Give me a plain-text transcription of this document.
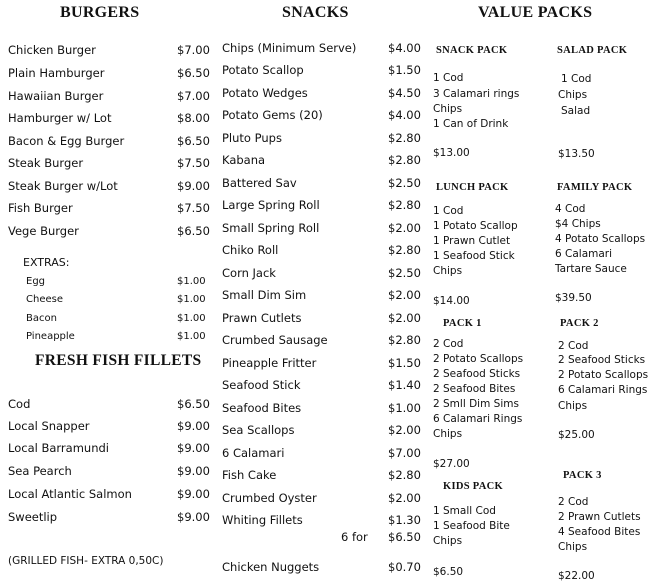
BURGERS
Chicken Burger	$7.00
Plain Hamburger	$6.50
Hawaiian Burger	$7.00
Hamburger w/ Lot	$8.00
Bacon & Egg Burger	$6.50
Steak Burger	$7.50
Steak Burger w/Lot	$9.00
Fish Burger	$7.50
Vege Burger	$6.50
EXTRAS:
Egg	$1.00
Cheese	$1.00
Bacon	$1.00
Pineapple	$1.00
FRESH FISH FILLETS
Cod	$6.50
Local Snapper	$9.00
Local Barramundi	$9.00
Sea Pearch	$9.00
Local Atlantic Salmon	$9.00
Sweetlip	$9.00
(GRILLED FISH- EXTRA 0,50C)
SNACKS
Chips (Minimum Serve)	$4.00
Potato Scallop	$1.50
Potato Wedges	$4.50
Potato Gems (20)	$4.00
Pluto Pups	$2.80
Kabana	$2.80
Battered Sav	$2.50
Large Spring Roll	$2.80
Small Spring Roll	$2.00
Chiko Roll	$2.80
Corn Jack	$2.50
Small Dim Sim	$2.00
Prawn Cutlets	$2.00
Crumbed Sausage	$2.80
Pineapple Fritter	$1.50
Seafood Stick	$1.40
Seafood Bites	$1.00
Sea Scallops	$2.00
6 Calamari	$7.00
Fish Cake	$2.80
Crumbed Oyster	$2.00
Whiting Fillets	$1.30
6 for $6.50
Chicken Nuggets	$0.70
VALUE PACKS
SNACK PACK
1 Cod
3 Calamari rings
Chips
1 Can of Drink
$13.00
SALAD PACK
1 Cod
Chips
Salad
$13.50
LUNCH PACK
1 Cod
1 Potato Scallop
1 Prawn Cutlet
1 Seafood Stick
Chips
$14.00
FAMILY PACK
4 Cod
$4 Chips
4 Potato Scallops
6 Calamari
Tartare Sauce
$39.50
PACK 1
2 Cod
2 Potato Scallops
2 Seafood Sticks
2 Seafood Bites
2 Smll Dim Sims
6 Calamari Rings
Chips
$27.00
PACK 2
2 Cod
2 Seafood Sticks
2 Potato Scallops
6 Calamari Rings
Chips
$25.00
KIDS PACK
1 Small Cod
1 Seafood Bite
Chips
$6.50
PACK 3
2 Cod
2 Prawn Cutlets
4 Seafood Bites
Chips
$22.00
